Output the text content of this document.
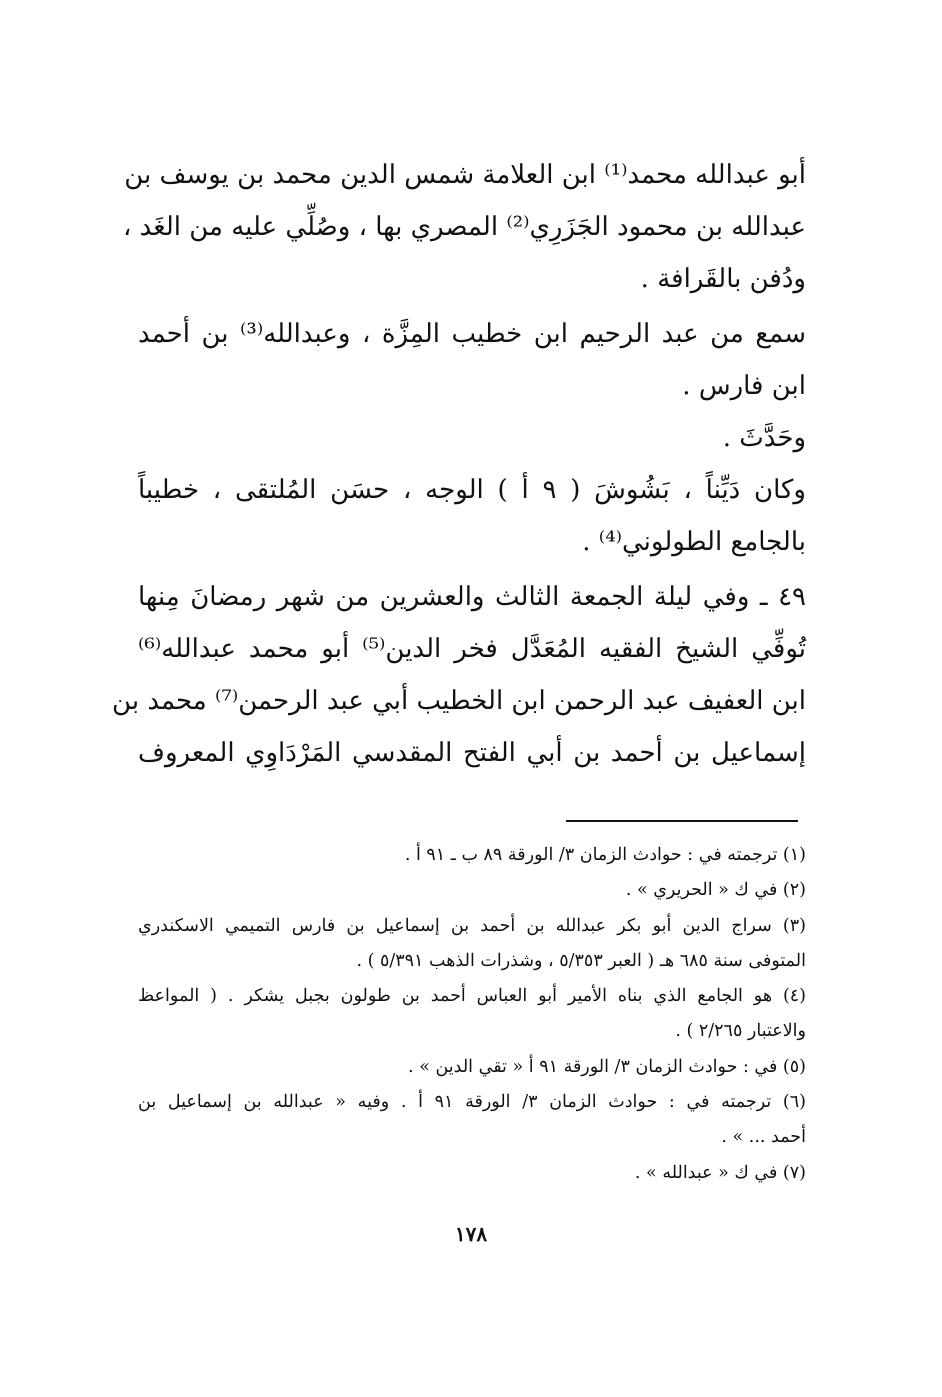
أبو عبدالله محمد⁽¹⁾ ابن العلامة شمس الدين محمد بن يوسف بن
عبدالله بن محمود الجَزَرِي⁽²⁾ المصري بها ، وصُلِّي عليه من الغَد ،
ودُفن بالقَرافة .
سمع من عبد الرحيم ابن خطيب المِزَّة ، وعبدالله⁽³⁾ بن أحمد
ابن فارس .
وحَدَّثَ .
وكان دَيِّناً ، بَشُوشَ ( ٩ أ ) الوجه ، حسَن المُلتقى ، خطيباً
بالجامع الطولوني⁽⁴⁾ .
٤٩ ـ وفي ليلة الجمعة الثالث والعشرين من شهر رمضانَ مِنها
تُوفِّي الشيخ الفقيه المُعَدَّل فخر الدين⁽⁵⁾ أبو محمد عبدالله⁽⁶⁾
ابن العفيف عبد الرحمن ابن الخطيب أبي عبد الرحمن⁽⁷⁾ محمد بن
إسماعيل بن أحمد بن أبي الفتح المقدسي المَرْدَاوِي المعروف
(١) ترجمته في : حوادث الزمان ٣/ الورقة ٨٩ ب ـ ٩١ أ .
(٢) في ك « الحريري » .
(٣) سراج الدين أبو بكر عبدالله بن أحمد بن إسماعيل بن فارس التميمي الاسكندري
المتوفى سنة ٦٨٥ هـ ( العبر ٥/٣٥٣ ، وشذرات الذهب ٥/٣٩١ ) .
(٤) هو الجامع الذي بناه الأمير أبو العباس أحمد بن طولون بجبل يشكر . ( المواعظ
والاعتبار ٢/٢٦٥ ) .
(٥) في : حوادث الزمان ٣/ الورقة ٩١ أ « تقي الدين » .
(٦) ترجمته في : حوادث الزمان ٣/ الورقة ٩١ أ . وفيه « عبدالله بن إسماعيل بن
أحمد ... » .
(٧) في ك « عبدالله » .
١٧٨
